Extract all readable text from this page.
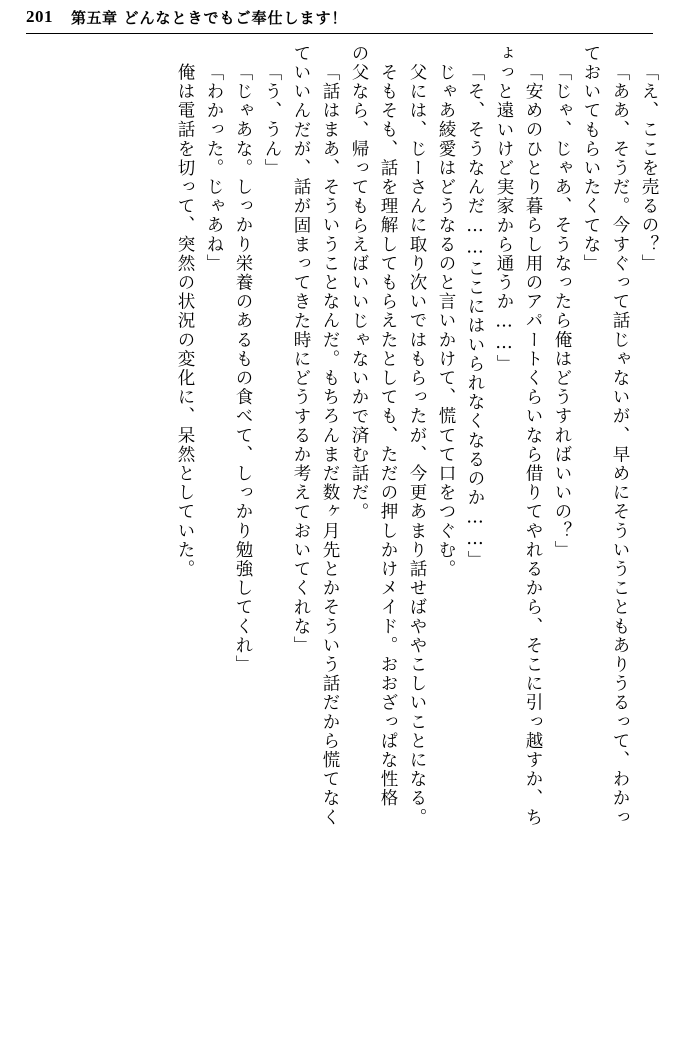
201 第五章 どんなときでもご奉仕します！
「え、ここを売るの？」
「ああ、そうだ。今すぐって話じゃないが、早めにそういうこともありうるって、わかっ
ておいてもらいたくてな」
「じゃ、じゃあ、そうなったら俺はどうすればいいの？」
「安めのひとり暮らし用のアパートくらいなら借りてやれるから、そこに引っ越すか、ち
ょっと遠いけど実家から通うか……」
「そ、そうなんだ……ここにはいられなくなるのか……」
じゃあ綾愛はどうなるのと言いかけて、慌てて口をつぐむ。
父には、じーさんに取り次いではもらったが、今更あまり話せばややこしいことになる。
そもそも、話を理解してもらえたとしても、ただの押しかけメイド。おおざっぱな性格
の父なら、帰ってもらえばいいじゃないかで済む話だ。
「話はまあ、そういうことなんだ。もちろんまだ数ヶ月先とかそういう話だから慌てなく
ていいんだが、話が固まってきた時にどうするか考えておいてくれな」
「う、うん」
「じゃあな。しっかり栄養のあるもの食べて、しっかり勉強してくれ」
「わかった。じゃあね」
俺は電話を切って、突然の状況の変化に、呆然としていた。
